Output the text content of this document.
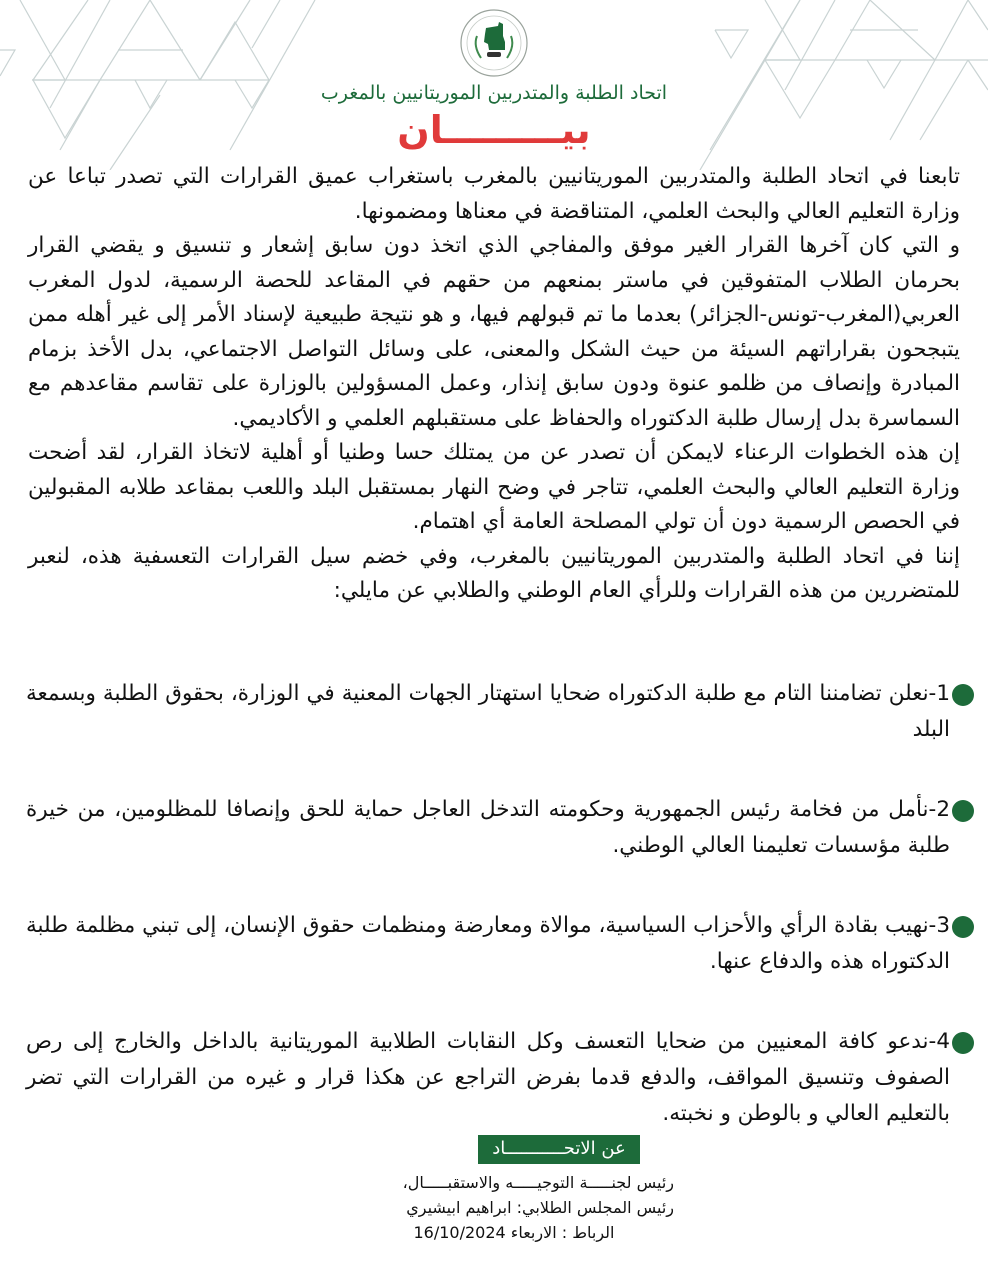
اتحاد الطلبة والمتدربين الموريتانيين بالمغرب
بيـــــــــان

تابعنا في اتحاد الطلبة والمتدربين الموريتانيين بالمغرب باستغراب عميق القرارات التي تصدر تباعا عن وزارة التعليم العالي والبحث العلمي، المتناقضة في معناها ومضمونها.

و التي كان آخرها القرار الغير موفق والمفاجي الذي اتخذ دون سابق إشعار و تنسيق و يقضي القرار بحرمان الطلاب المتفوقين في ماستر بمنعهم من حقهم في المقاعد للحصة الرسمية، لدول المغرب العربي(المغرب-تونس-الجزائر) بعدما ما تم قبولهم فيها، و هو نتيجة طبيعية لإسناد الأمر إلى غير أهله ممن يتبجحون بقراراتهم السيئة من حيث الشكل والمعنى، على وسائل التواصل الاجتماعي، بدل الأخذ بزمام المبادرة وإنصاف من ظلمو عنوة ودون سابق إنذار، وعمل المسؤولين بالوزارة على تقاسم مقاعدهم مع السماسرة بدل إرسال طلبة الدكتوراه والحفاظ على مستقبلهم العلمي و الأكاديمي.

إن هذه الخطوات الرعناء لايمكن أن تصدر عن من يمتلك حسا وطنيا أو أهلية لاتخاذ القرار، لقد أضحت وزارة التعليم العالي والبحث العلمي، تتاجر في وضح النهار بمستقبل البلد واللعب بمقاعد طلابه المقبولين في الحصص الرسمية دون أن تولي المصلحة العامة أي اهتمام.

إننا في اتحاد الطلبة والمتدربين الموريتانيين بالمغرب، وفي خضم سيل القرارات التعسفية هذه، لنعبر للمتضررين من هذه القرارات وللرأي العام الوطني والطلابي عن مايلي:

1-نعلن تضامننا التام مع طلبة الدكتوراه ضحايا استهتار الجهات المعنية في الوزارة، بحقوق الطلبة وبسمعة البلد
2-نأمل من فخامة رئيس الجمهورية وحكومته التدخل العاجل حماية للحق وإنصافا للمظلومين، من خيرة طلبة مؤسسات تعليمنا العالي الوطني.
3-نهيب بقادة الرأي والأحزاب السياسية، موالاة ومعارضة ومنظمات حقوق الإنسان، إلى تبني مظلمة طلبة الدكتوراه هذه والدفاع عنها.
4-ندعو كافة المعنيين من ضحايا التعسف وكل النقابات الطلابية الموريتانية بالداخل والخارج إلى رص الصفوف وتنسيق المواقف، والدفع قدما بفرض التراجع عن هكذا قرار و غيره من القرارات التي تضر بالتعليم العالي و بالوطن و نخبته.
عن الاتحـــــــــــاد
رئيس لجنـــــة التوجيـــــه والاستقبـــــال،
رئيس المجلس الطلابي: ابراهيم ابيشيري
الرباط : الاربعاء 16/10/2024
